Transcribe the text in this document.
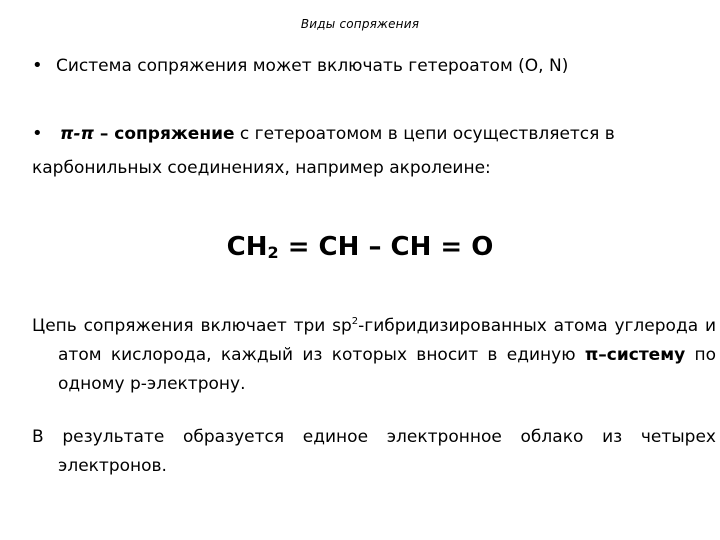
Виды сопряжения
• Система сопряжения может включать гетероатом (O, N)
• π-π – сопряжение с гетероатомом в цепи осуществляется в
карбонильных соединениях, например акролеине:
$CH_2$ = CH – CH = O
Цепь сопряжения включает три $sp^2$-гибридизированных атома углерода и атом кислорода, каждый из которых вносит в единую π–систему по одному р-электрону.
В результате образуется единое электронное облако из четырех электронов.
